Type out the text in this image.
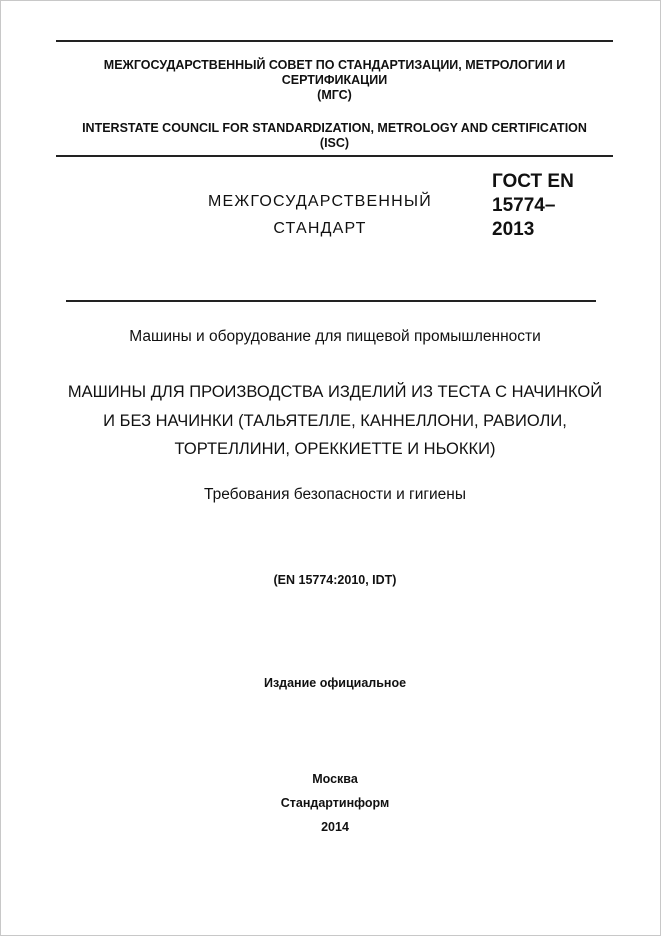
МЕЖГОСУДАРСТВЕННЫЙ СОВЕТ ПО СТАНДАРТИЗАЦИИ, МЕТРОЛОГИИ И
СЕРТИФИКАЦИИ
(МГС)
INTERSTATE COUNCIL FOR STANDARDIZATION, METROLOGY AND CERTIFICATION
(ISC)
МЕЖГОСУДАРСТВЕННЫЙ
СТАНДАРТ
ГОСТ EN
15774–
2013
Машины и оборудование для пищевой промышленности
МАШИНЫ ДЛЯ ПРОИЗВОДСТВА ИЗДЕЛИЙ ИЗ ТЕСТА С НАЧИНКОЙ
И БЕЗ НАЧИНКИ (ТАЛЬЯТЕЛЛЕ, КАННЕЛЛОНИ, РАВИОЛИ,
ТОРТЕЛЛИНИ, ОРЕККИЕТТЕ И НЬОККИ)
Требования безопасности и гигиены
(EN 15774:2010, IDT)
Издание официальное
Москва
Стандартинформ
2014
